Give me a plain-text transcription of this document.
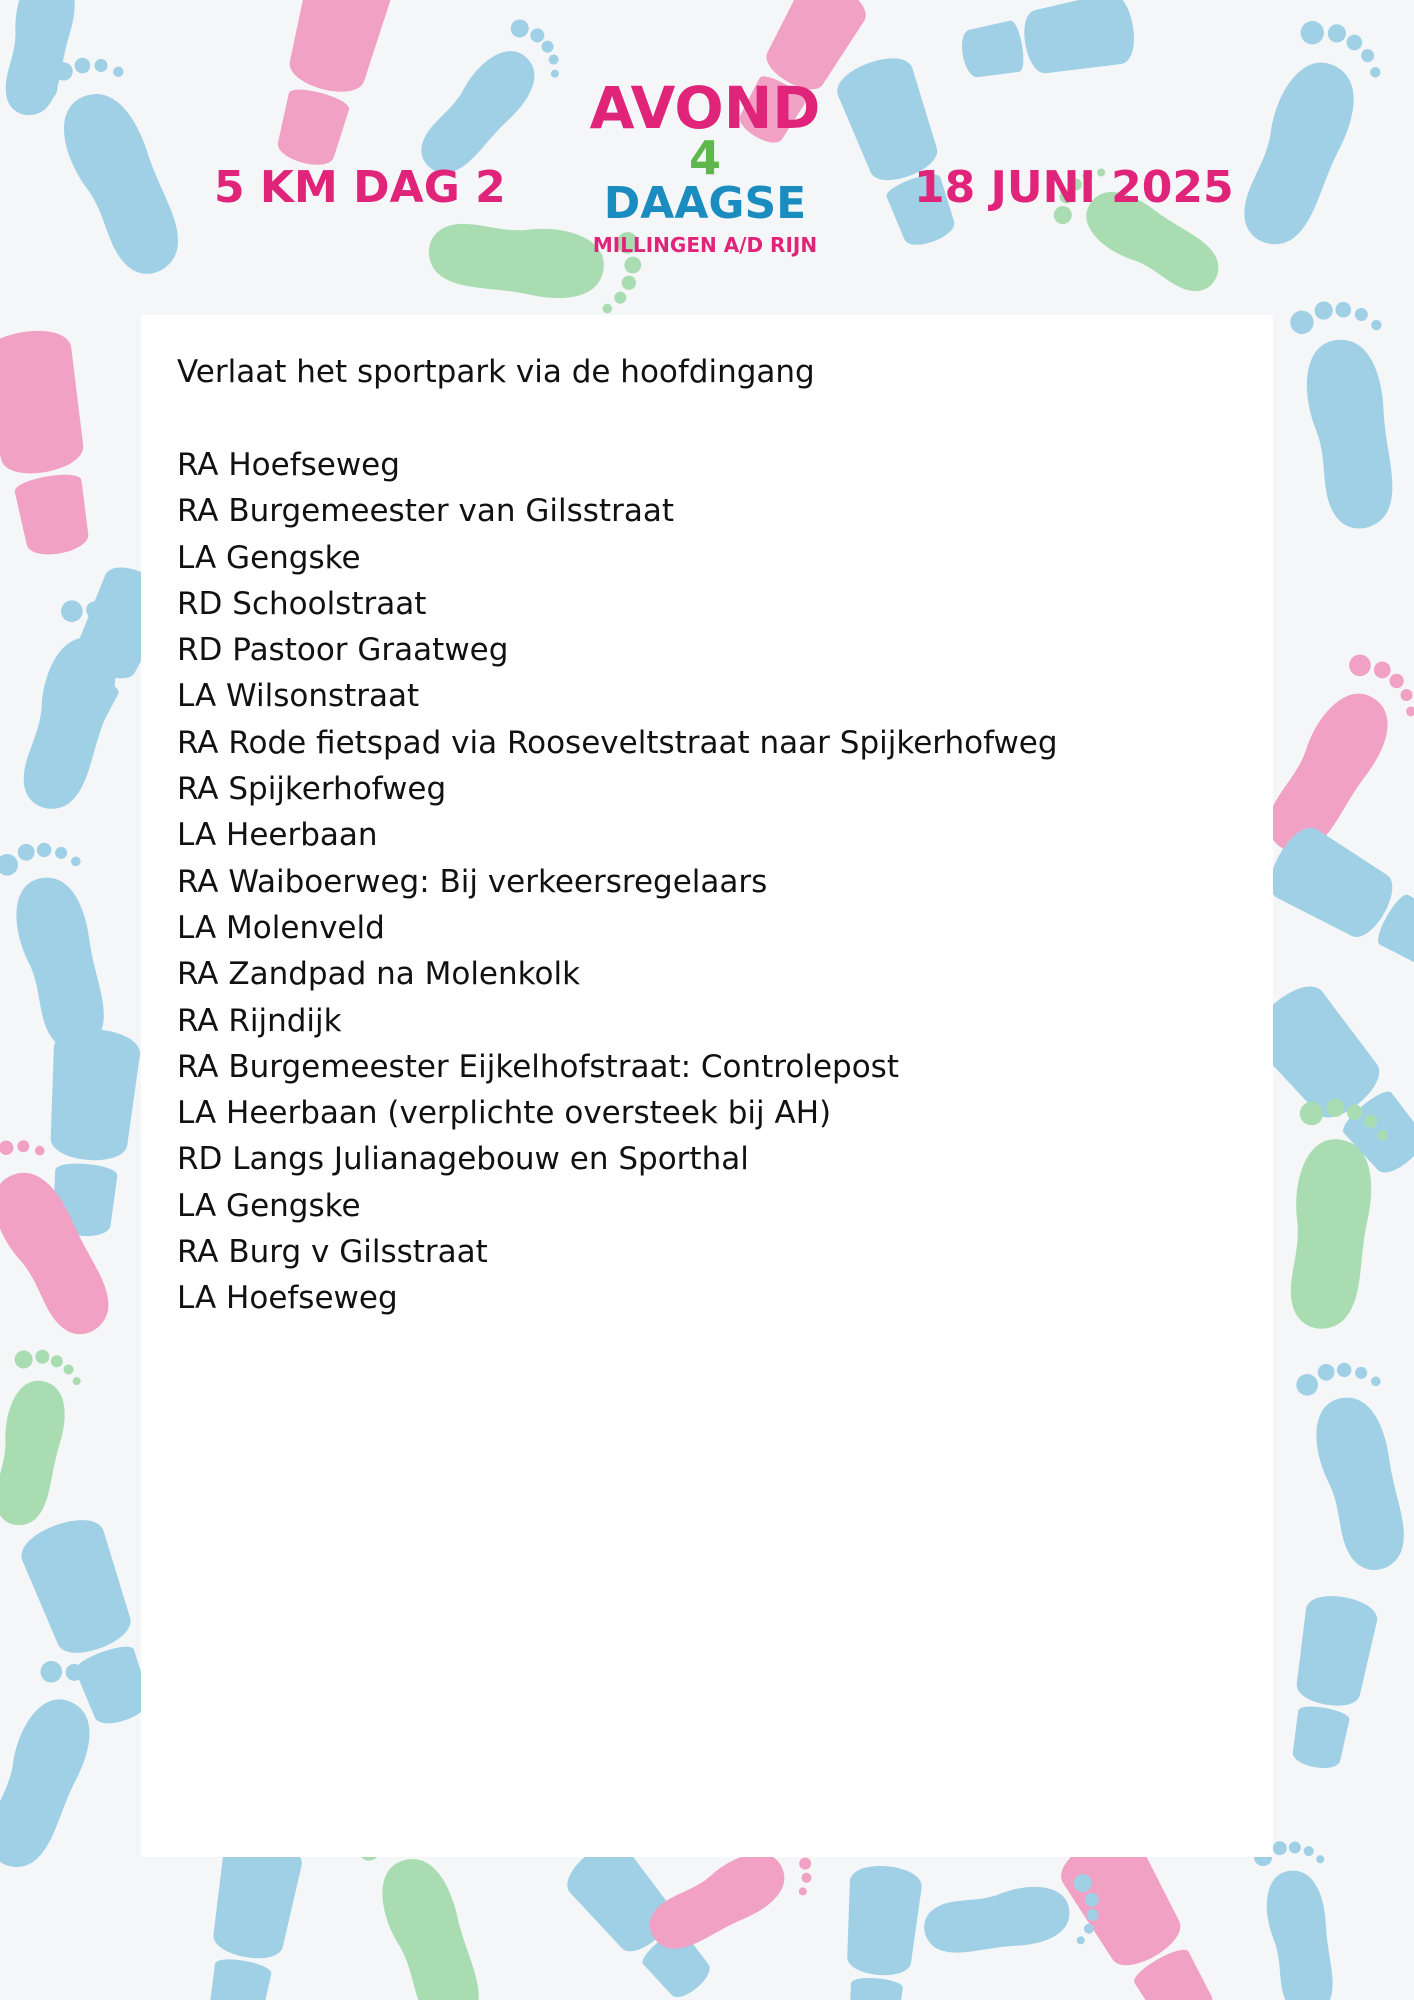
5 KM DAG 2
AVOND
4
DAAGSE
MILLINGEN A/D RIJN
18 JUNI 2025

Verlaat het sportpark via de hoofdingang

RA Hoefseweg
RA Burgemeester van Gilsstraat
LA Gengske
RD Schoolstraat
RD Pastoor Graatweg
LA Wilsonstraat
RA Rode fietspad via Rooseveltstraat naar Spijkerhofweg
RA Spijkerhofweg
LA Heerbaan
RA Waiboerweg: Bij verkeersregelaars
LA Molenveld
RA Zandpad na Molenkolk
RA Rijndijk
RA Burgemeester Eijkelhofstraat: Controlepost
LA Heerbaan (verplichte oversteek bij AH)
RD Langs Julianagebouw en Sporthal
LA Gengske
RA Burg v Gilsstraat
LA Hoefseweg
